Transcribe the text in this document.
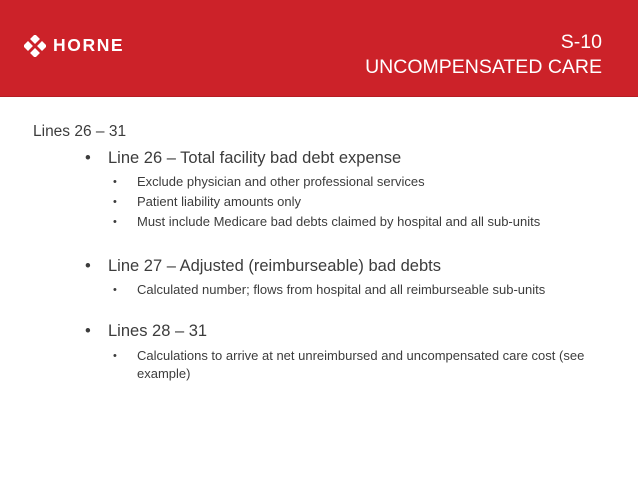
HORNE	S-10
UNCOMPENSATED CARE
Lines 26 – 31
• Line 26 – Total facility bad debt expense
• Exclude physician and other professional services
• Patient liability amounts only
• Must include Medicare bad debts claimed by hospital and all sub-units
• Line 27 – Adjusted (reimburseable) bad debts
• Calculated number; flows from hospital and all reimburseable sub-units
• Lines 28 – 31
• Calculations to arrive at net unreimbursed and uncompensated care cost (see example)
